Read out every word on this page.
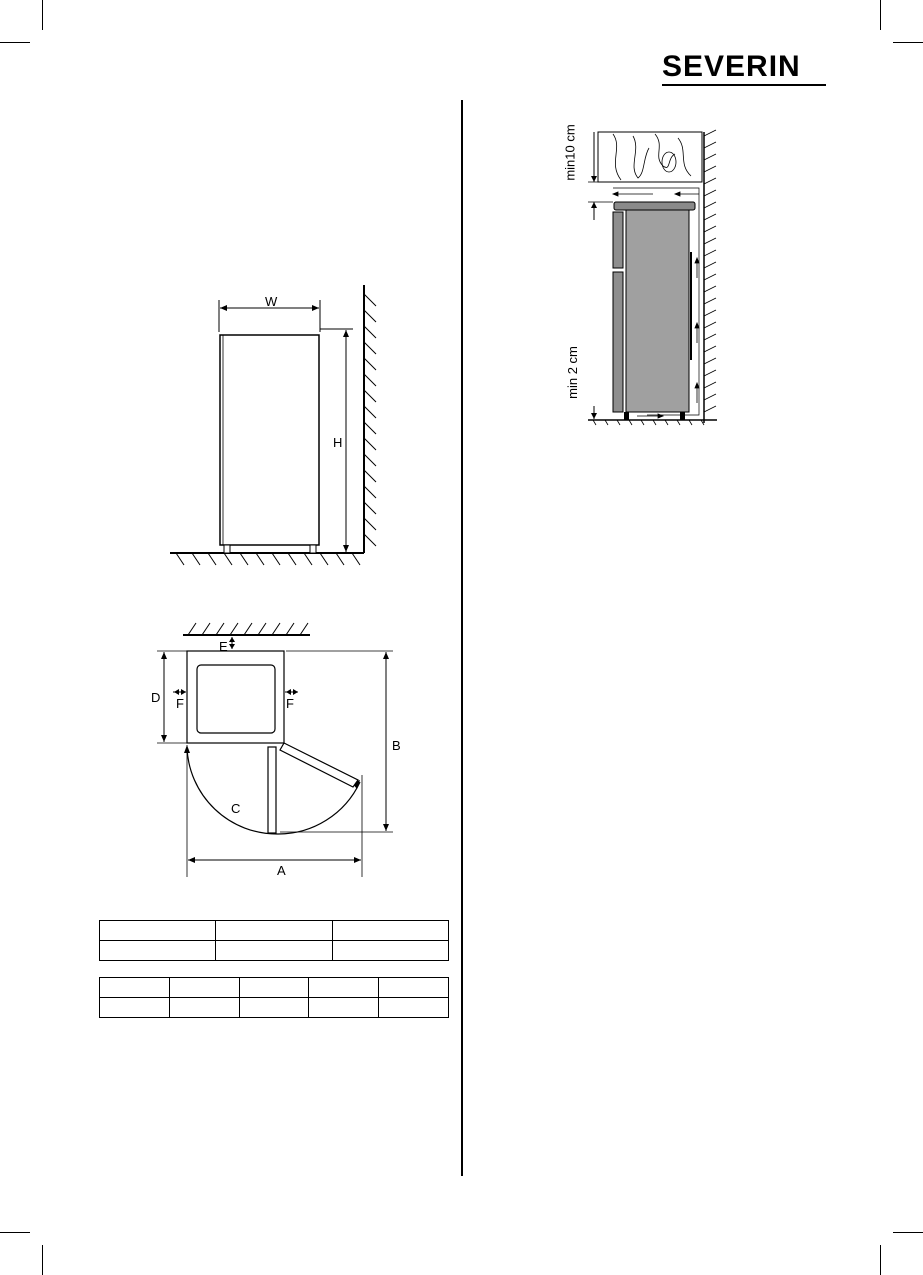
SEVERIN
W
H
E
D F	F
B
C
A
min10 cm
min 2 cm
